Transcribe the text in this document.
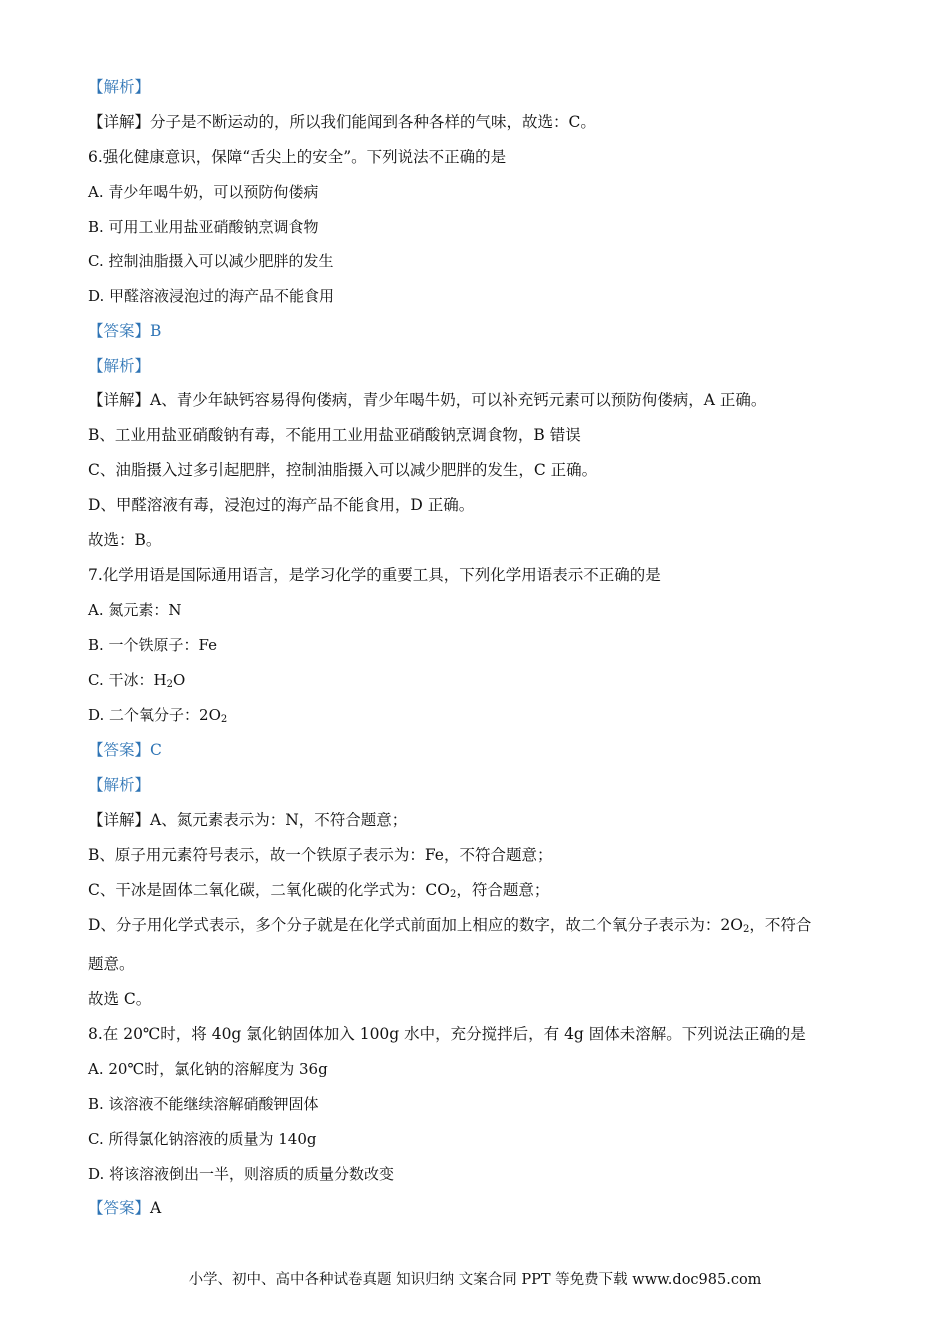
【解析】
【详解】分子是不断运动的，所以我们能闻到各种各样的气味，故选：C。
6.强化健康意识，保障“舌尖上的安全”。下列说法不正确的是
A. 青少年喝牛奶，可以预防佝偻病
B. 可用工业用盐亚硝酸钠烹调食物
C. 控制油脂摄入可以减少肥胖的发生
D. 甲醛溶液浸泡过的海产品不能食用
【答案】B
【解析】
【详解】A、青少年缺钙容易得佝偻病，青少年喝牛奶，可以补充钙元素可以预防佝偻病，A 正确。
B、工业用盐亚硝酸钠有毒，不能用工业用盐亚硝酸钠烹调食物，B 错误
C、油脂摄入过多引起肥胖，控制油脂摄入可以减少肥胖的发生，C 正确。
D、甲醛溶液有毒，浸泡过的海产品不能食用，D 正确。
故选：B。
7.化学用语是国际通用语言，是学习化学的重要工具，下列化学用语表示不正确的是
A. 氮元素：N
B. 一个铁原子：Fe
C. 干冰：$H_2O$
D. 二个氧分子：$2O_2$
【答案】C
【解析】
【详解】A、氮元素表示为：N，不符合题意；
B、原子用元素符号表示，故一个铁原子表示为：Fe，不符合题意；
C、干冰是固体二氧化碳，二氧化碳的化学式为：$CO_2$，符合题意；
D、分子用化学式表示，多个分子就是在化学式前面加上相应的数字，故二个氧分子表示为：$2O_2$，不符合
题意。
故选 C。
8.在 20℃时，将 40g 氯化钠固体加入 100g 水中，充分搅拌后，有 4g 固体未溶解。下列说法正确的是
A. 20℃时，氯化钠的溶解度为 36g
B. 该溶液不能继续溶解硝酸钾固体
C. 所得氯化钠溶液的质量为 140g
D. 将该溶液倒出一半，则溶质的质量分数改变
【答案】A
小学、初中、高中各种试卷真题 知识归纳 文案合同 PPT 等免费下载 www.doc985.com
